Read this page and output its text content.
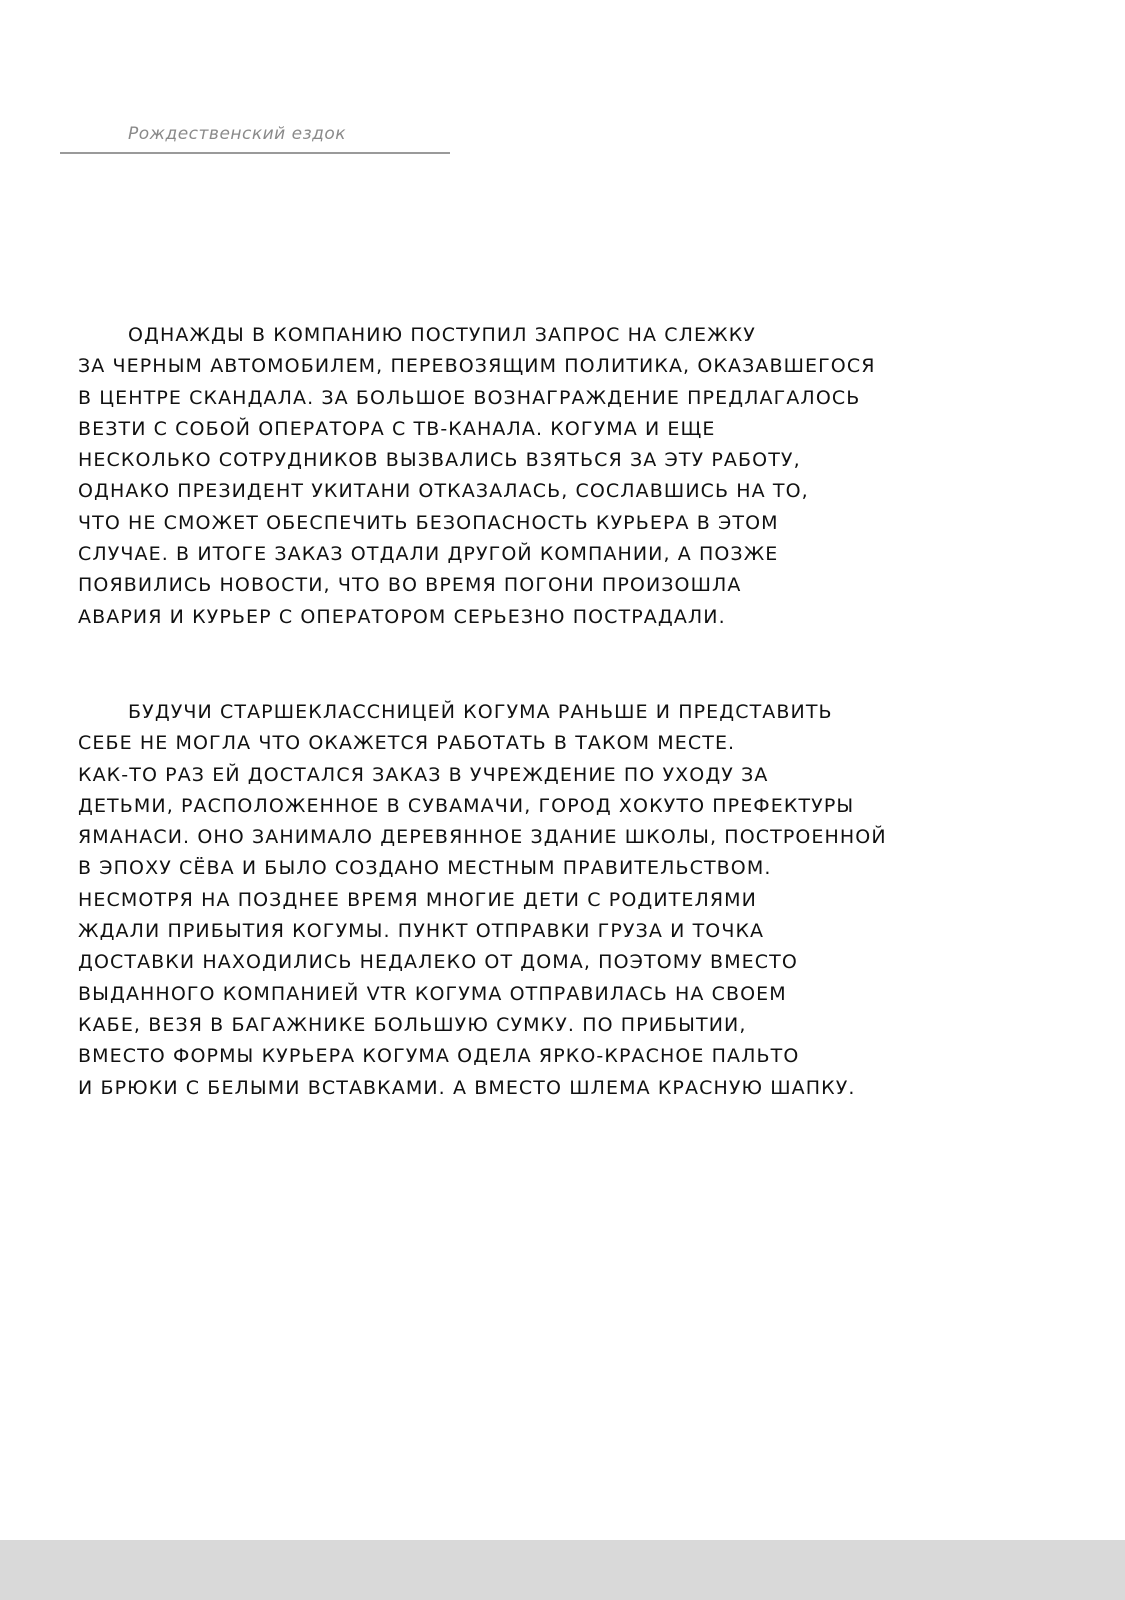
Рождественский ездок
ОДНАЖДЫ В КОМПАНИЮ ПОСТУПИЛ ЗАПРОС НА СЛЕЖКУ
ЗА ЧЕРНЫМ АВТОМОБИЛЕМ, ПЕРЕВОЗЯЩИМ ПОЛИТИКА, ОКАЗАВШЕГОСЯ
В ЦЕНТРЕ СКАНДАЛА. ЗА БОЛЬШОЕ ВОЗНАГРАЖДЕНИЕ ПРЕДЛАГАЛОСЬ
ВЕЗТИ С СОБОЙ ОПЕРАТОРА С ТВ-КАНАЛА. КОГУМА И ЕЩЕ
НЕСКОЛЬКО СОТРУДНИКОВ ВЫЗВАЛИСЬ ВЗЯТЬСЯ ЗА ЭТУ РАБОТУ,
ОДНАКО ПРЕЗИДЕНТ УКИТАНИ ОТКАЗАЛАСЬ, СОСЛАВШИСЬ НА ТО,
ЧТО НЕ СМОЖЕТ ОБЕСПЕЧИТЬ БЕЗОПАСНОСТЬ КУРЬЕРА В ЭТОМ
СЛУЧАЕ. В ИТОГЕ ЗАКАЗ ОТДАЛИ ДРУГОЙ КОМПАНИИ, А ПОЗЖЕ
ПОЯВИЛИСЬ НОВОСТИ, ЧТО ВО ВРЕМЯ ПОГОНИ ПРОИЗОШЛА
АВАРИЯ И КУРЬЕР С ОПЕРАТОРОМ СЕРЬЕЗНО ПОСТРАДАЛИ.
БУДУЧИ СТАРШЕКЛАССНИЦЕЙ КОГУМА РАНЬШЕ И ПРЕДСТАВИТЬ
СЕБЕ НЕ МОГЛА ЧТО ОКАЖЕТСЯ РАБОТАТЬ В ТАКОМ МЕСТЕ.
КАК-ТО РАЗ ЕЙ ДОСТАЛСЯ ЗАКАЗ В УЧРЕЖДЕНИЕ ПО УХОДУ ЗА
ДЕТЬМИ, РАСПОЛОЖЕННОЕ В СУВАМАЧИ, ГОРОД ХОКУТО ПРЕФЕКТУРЫ
ЯМАНАСИ. ОНО ЗАНИМАЛО ДЕРЕВЯННОЕ ЗДАНИЕ ШКОЛЫ, ПОСТРОЕННОЙ
В ЭПОХУ СЁВА И БЫЛО СОЗДАНО МЕСТНЫМ ПРАВИТЕЛЬСТВОМ.
НЕСМОТРЯ НА ПОЗДНЕЕ ВРЕМЯ МНОГИЕ ДЕТИ С РОДИТЕЛЯМИ
ЖДАЛИ ПРИБЫТИЯ КОГУМЫ. ПУНКТ ОТПРАВКИ ГРУЗА И ТОЧКА
ДОСТАВКИ НАХОДИЛИСЬ НЕДАЛЕКО ОТ ДОМА, ПОЭТОМУ ВМЕСТО
ВЫДАННОГО КОМПАНИЕЙ VTR КОГУМА ОТПРАВИЛАСЬ НА СВОЕМ
КАБЕ, ВЕЗЯ В БАГАЖНИКЕ БОЛЬШУЮ СУМКУ. ПО ПРИБЫТИИ,
ВМЕСТО ФОРМЫ КУРЬЕРА КОГУМА ОДЕЛА ЯРКО-КРАСНОЕ ПАЛЬТО
И БРЮКИ С БЕЛЫМИ ВСТАВКАМИ. А ВМЕСТО ШЛЕМА КРАСНУЮ ШАПКУ.
